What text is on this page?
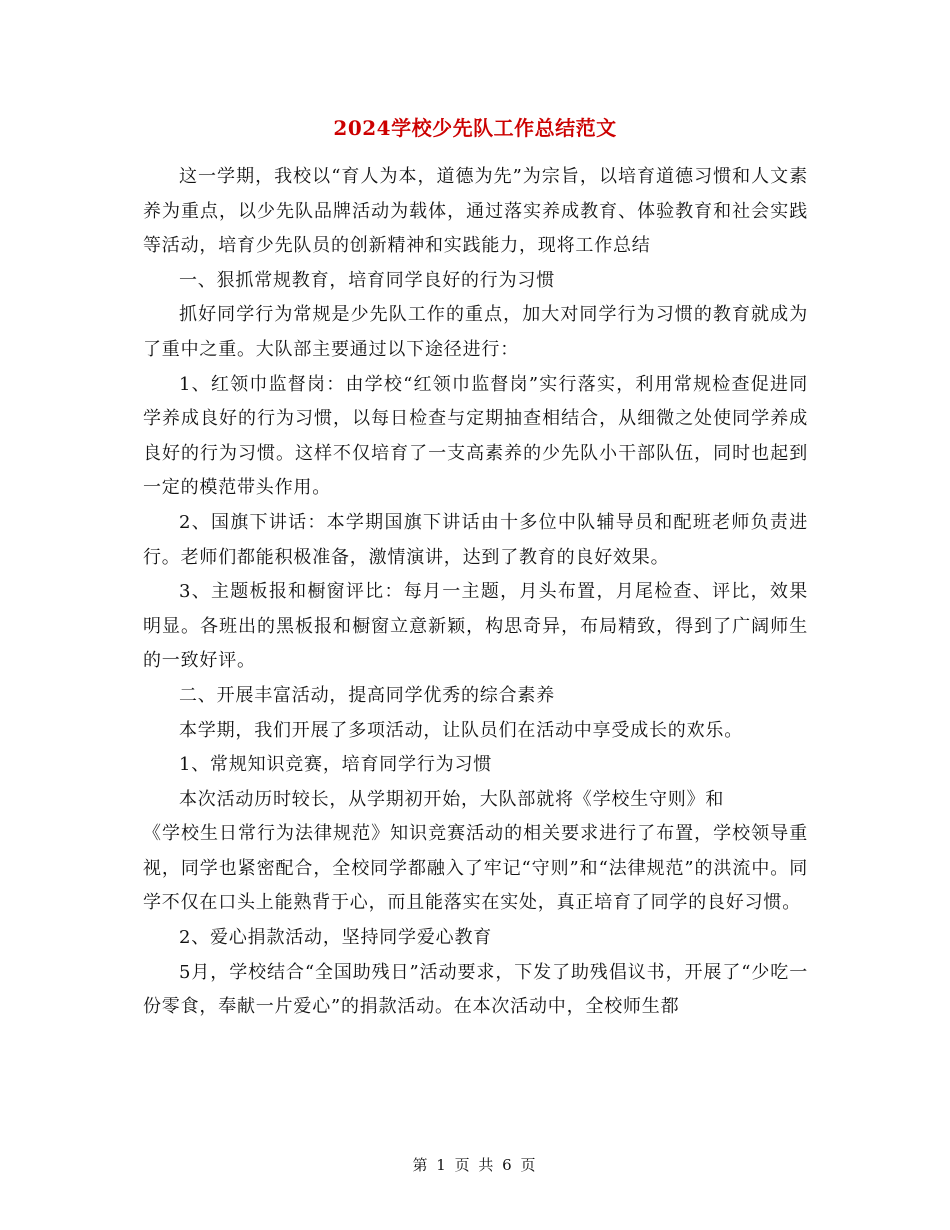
2024学校少先队工作总结范文

这一学期，我校以“育人为本，道德为先”为宗旨，以培育道德习惯和人文素养为重点，以少先队品牌活动为载体，通过落实养成教育、体验教育和社会实践等活动，培育少先队员的创新精神和实践能力，现将工作总结

一、狠抓常规教育，培育同学良好的行为习惯

抓好同学行为常规是少先队工作的重点，加大对同学行为习惯的教育就成为了重中之重。大队部主要通过以下途径进行：

1、红领巾监督岗：由学校“红领巾监督岗”实行落实，利用常规检查促进同学养成良好的行为习惯，以每日检查与定期抽查相结合，从细微之处使同学养成良好的行为习惯。这样不仅培育了一支高素养的少先队小干部队伍，同时也起到一定的模范带头作用。

2、国旗下讲话：本学期国旗下讲话由十多位中队辅导员和配班老师负责进行。老师们都能积极准备，激情演讲，达到了教育的良好效果。

3、主题板报和橱窗评比：每月一主题，月头布置，月尾检查、评比，效果明显。各班出的黑板报和橱窗立意新颖，构思奇异，布局精致，得到了广阔师生的一致好评。

二、开展丰富活动，提高同学优秀的综合素养

本学期，我们开展了多项活动，让队员们在活动中享受成长的欢乐。

1、常规知识竞赛，培育同学行为习惯

本次活动历时较长，从学期初开始，大队部就将《学校生守则》和

《学校生日常行为法律规范》知识竞赛活动的相关要求进行了布置，学校领导重视，同学也紧密配合，全校同学都融入了牢记“守则”和“法律规范”的洪流中。同学不仅在口头上能熟背于心，而且能落实在实处，真正培育了同学的良好习惯。

2、爱心捐款活动，坚持同学爱心教育

5月，学校结合“全国助残日”活动要求，下发了助残倡议书，开展了“少吃一份零食，奉献一片爱心”的捐款活动。在本次活动中，全校师生都

第 1 页 共 6 页
